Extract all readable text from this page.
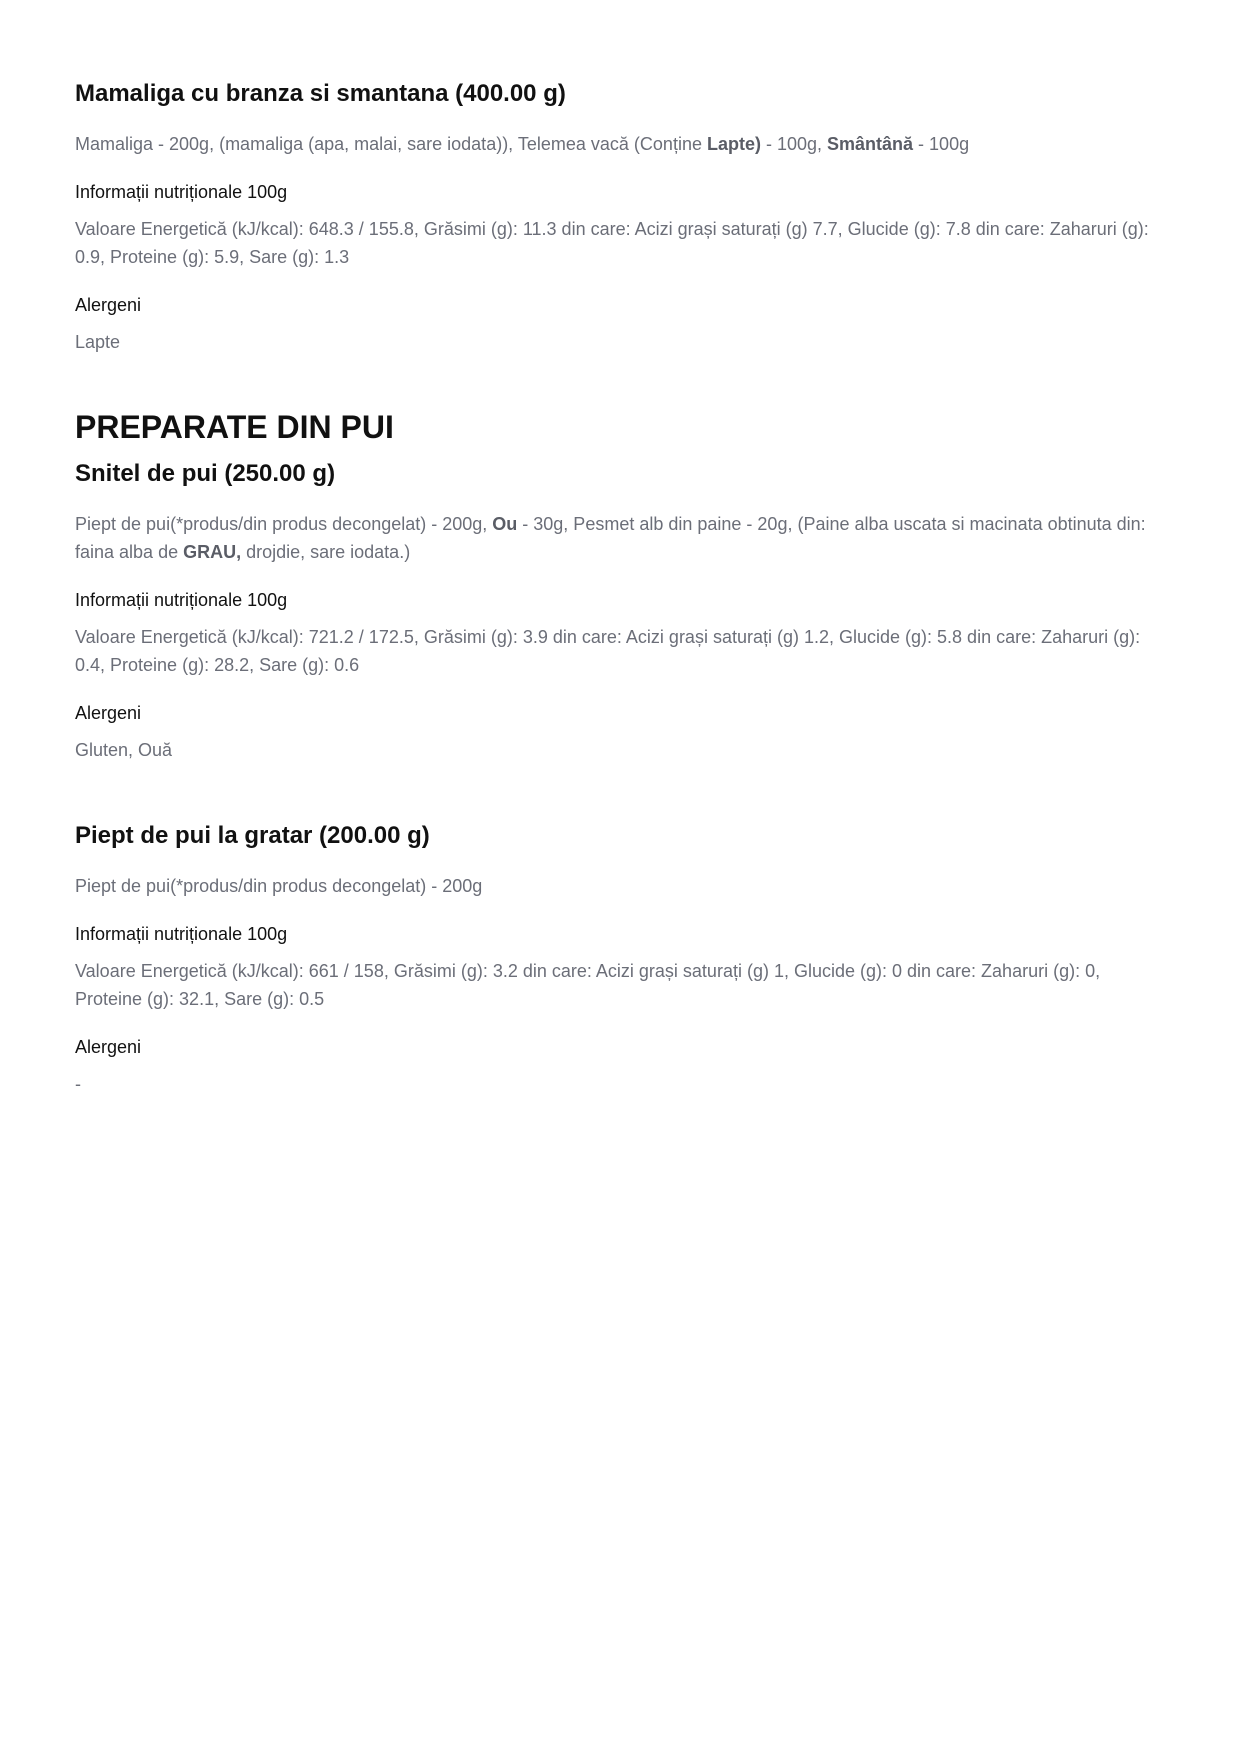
Mamaliga cu branza si smantana (400.00 g)

Mamaliga - 200g, (mamaliga (apa, malai, sare iodata)), Telemea vacă (Conține Lapte) - 100g, Smântână - 100g

Informații nutriționale 100g

Valoare Energetică (kJ/kcal): 648.3 / 155.8, Grăsimi (g): 11.3 din care: Acizi grași saturați (g) 7.7, Glucide (g): 7.8 din care: Zaharuri (g): 0.9, Proteine (g): 5.9, Sare (g): 1.3

Alergeni

Lapte

PREPARATE DIN PUI
Snitel de pui (250.00 g)

Piept de pui(*produs/din produs decongelat) - 200g, Ou - 30g, Pesmet alb din paine - 20g, (Paine alba uscata si macinata obtinuta din: faina alba de GRAU, drojdie, sare iodata.)

Informații nutriționale 100g

Valoare Energetică (kJ/kcal): 721.2 / 172.5, Grăsimi (g): 3.9 din care: Acizi grași saturați (g) 1.2, Glucide (g): 5.8 din care: Zaharuri (g): 0.4, Proteine (g): 28.2, Sare (g): 0.6

Alergeni

Gluten, Ouă

Piept de pui la gratar (200.00 g)

Piept de pui(*produs/din produs decongelat) - 200g

Informații nutriționale 100g

Valoare Energetică (kJ/kcal): 661 / 158, Grăsimi (g): 3.2 din care: Acizi grași saturați (g) 1, Glucide (g): 0 din care: Zaharuri (g): 0, Proteine (g): 32.1, Sare (g): 0.5

Alergeni

-
